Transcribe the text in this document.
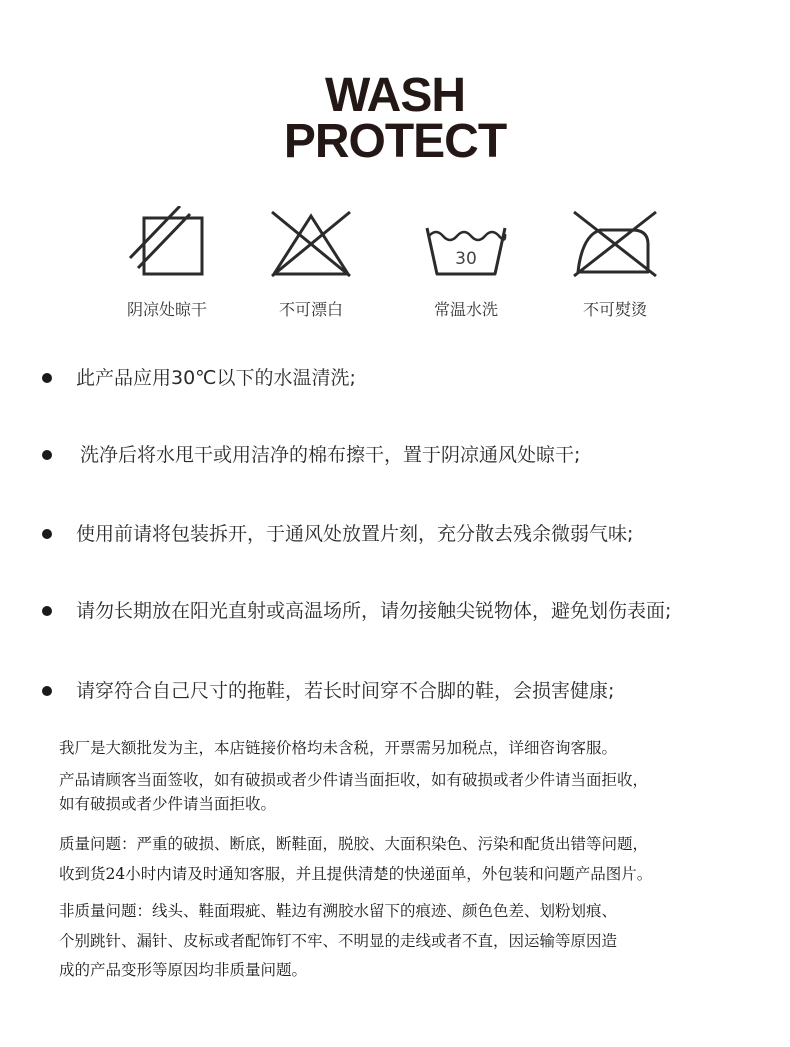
WASH
PROTECT
阴凉处晾干	不可漂白
30
常温水洗	不可熨烫
此产品应用30℃以下的水温清洗;
洗净后将水甩干或用洁净的棉布擦干，置于阴凉通风处晾干;
使用前请将包装拆开，于通风处放置片刻，充分散去残余微弱气味;
请勿长期放在阳光直射或高温场所，请勿接触尖锐物体，避免划伤表面;
请穿符合自己尺寸的拖鞋，若长时间穿不合脚的鞋，会损害健康;
我厂是大额批发为主，本店链接价格均未含税，开票需另加税点，详细咨询客服。
产品请顾客当面签收，如有破损或者少件请当面拒收，如有破损或者少件请当面拒收，
如有破损或者少件请当面拒收。
质量问题：严重的破损、断底，断鞋面，脱胶、大面积染色、污染和配货出错等问题，
收到货24小时内请及时通知客服，并且提供清楚的快递面单，外包装和问题产品图片。
非质量问题：线头、鞋面瑕疵、鞋边有溯胶水留下的痕迹、颜色色差、划粉划痕、
个别跳针、漏针、皮标或者配饰钉不牢、不明显的走线或者不直，因运输等原因造
成的产品变形等原因均非质量问题。
